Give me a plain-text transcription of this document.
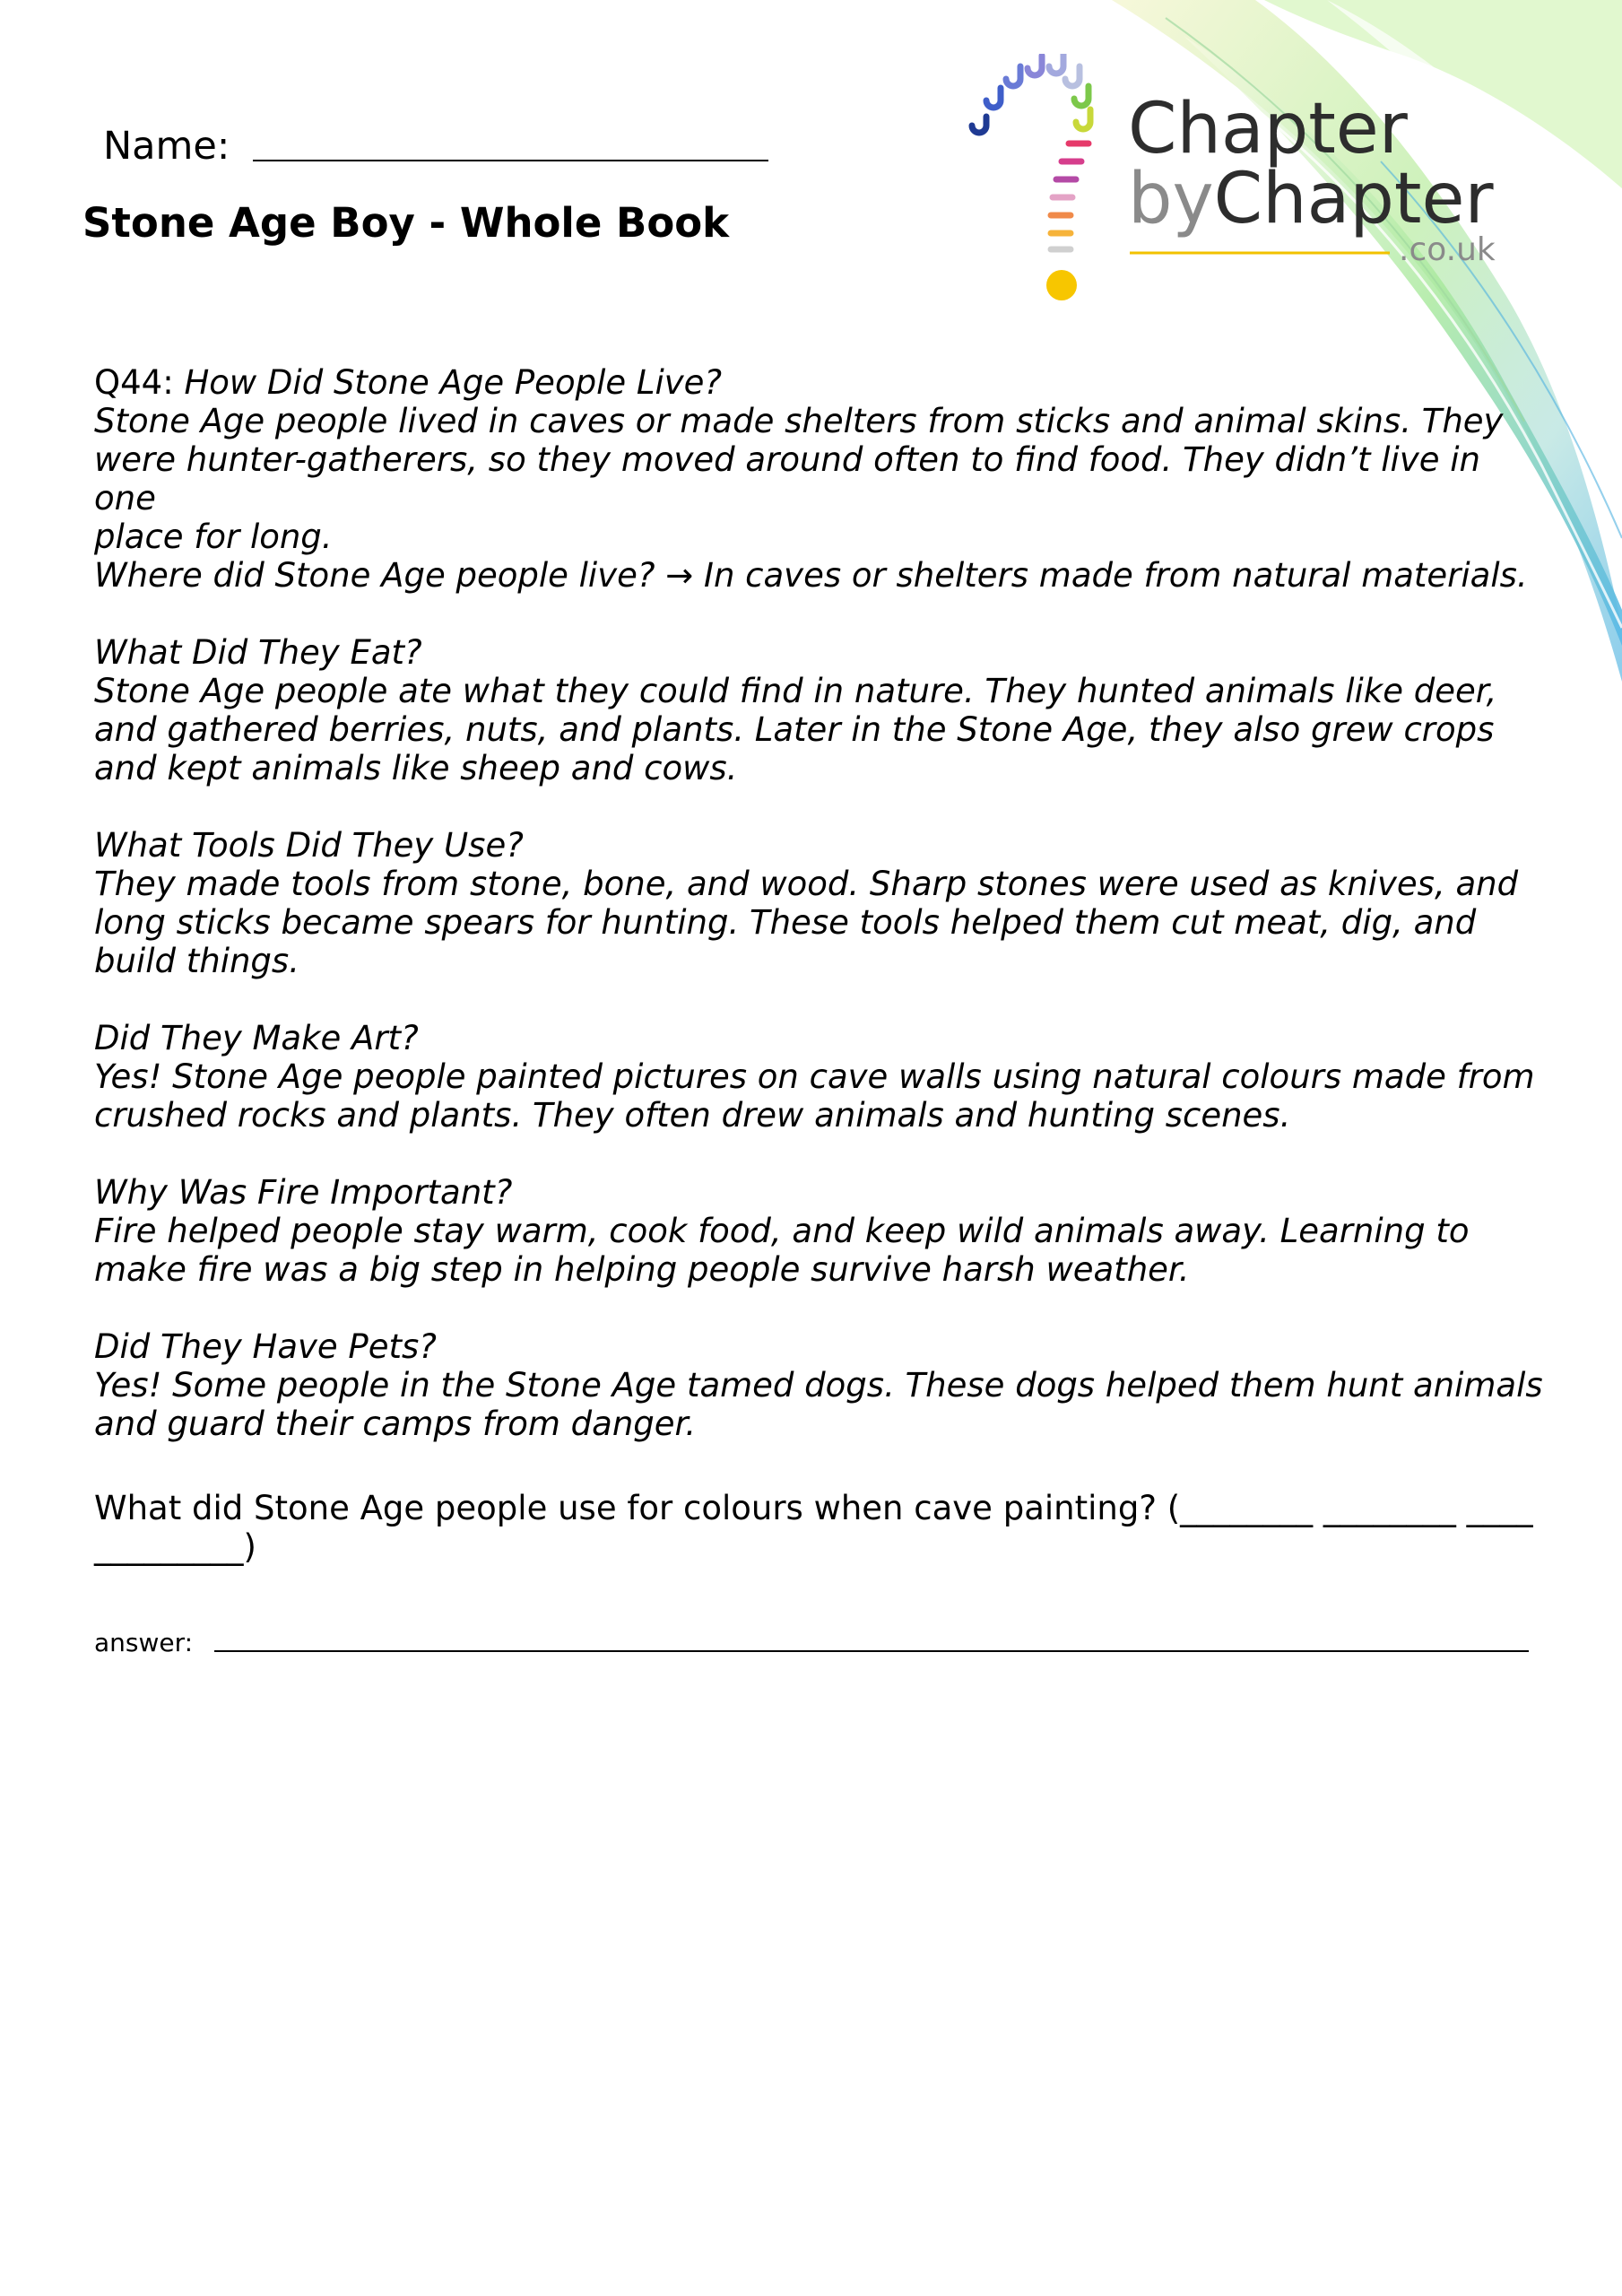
Chapter
byChapter
.co.uk
Name:
Stone Age Boy - Whole Book

Q44: How Did Stone Age People Live?

Stone Age people lived in caves or made shelters from sticks and animal skins. They

were hunter-gatherers, so they moved around often to find food. They didn’t live in one

place for long.

Where did Stone Age people live? → In caves or shelters made from natural materials.

What Did They Eat?

Stone Age people ate what they could find in nature. They hunted animals like deer,

and gathered berries, nuts, and plants. Later in the Stone Age, they also grew crops

and kept animals like sheep and cows.

What Tools Did They Use?

They made tools from stone, bone, and wood. Sharp stones were used as knives, and

long sticks became spears for hunting. These tools helped them cut meat, dig, and

build things.

Did They Make Art?

Yes! Stone Age people painted pictures on cave walls using natural colours made from

crushed rocks and plants. They often drew animals and hunting scenes.

Why Was Fire Important?

Fire helped people stay warm, cook food, and keep wild animals away. Learning to

make fire was a big step in helping people survive harsh weather.

Did They Have Pets?

Yes! Some people in the Stone Age tamed dogs. These dogs helped them hunt animals

and guard their camps from danger.

What did Stone Age people use for colours when cave painting? (________ ________ ____
_________)
answer:
